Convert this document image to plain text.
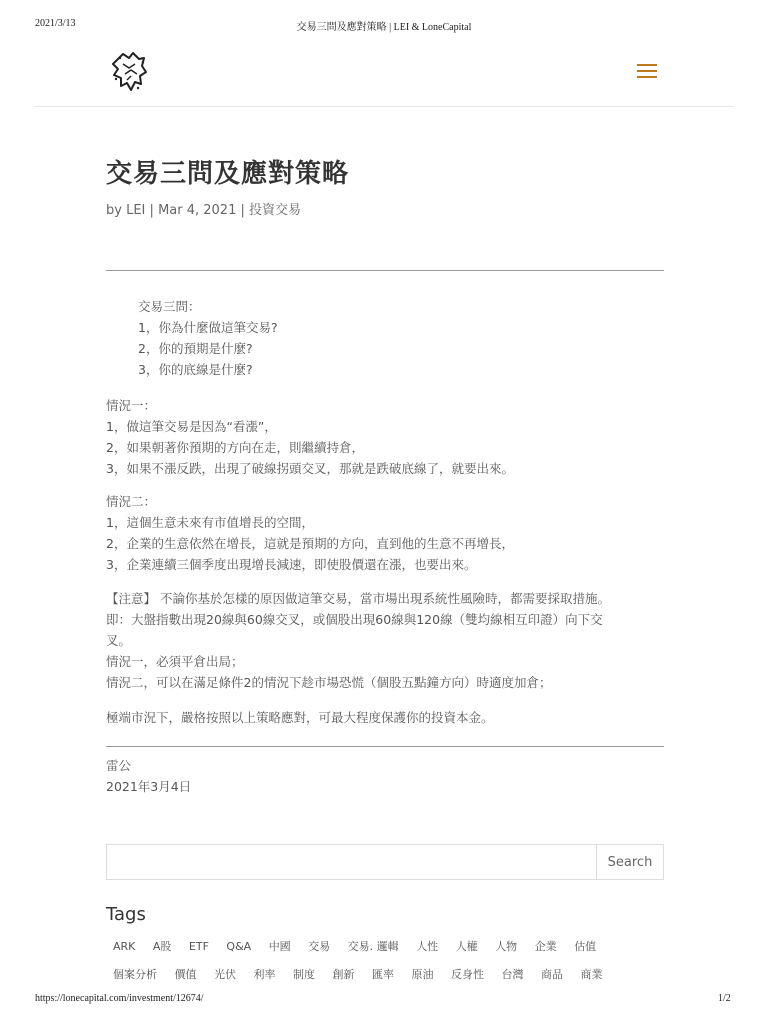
2021/3/13	交易三問及應對策略 | LEI & LoneCapital
交易三問及應對策略
by LEI | Mar 4, 2021 | 投資交易
交易三問：
1，你為什麼做這筆交易?
2，你的預期是什麼?
3，你的底線是什麼?
情況一：
1，做這筆交易是因為“看漲”，
2，如果朝著你預期的方向在走，則繼續持倉，
3，如果不漲反跌，出現了破線拐頭交叉，那就是跌破底線了，就要出來。
情況二：
1，這個生意未來有市值增長的空間，
2，企業的生意依然在增長，這就是預期的方向，直到他的生意不再增長，
3，企業連續三個季度出現增長減速，即使股價還在漲，也要出來。
【注意】 不論你基於怎樣的原因做這筆交易，當市場出現系統性風險時，都需要採取措施。
即：大盤指數出現20線與60線交叉，或個股出現60線與120線（雙均線相互印證）向下交
叉。
情況一，必須平倉出局；
情況二，可以在滿足條件2的情況下趁市場恐慌（個股五點鐘方向）時適度加倉；
極端市況下，嚴格按照以上策略應對，可最大程度保護你的投資本金。
雷公
2021年3月4日
Search
Tags
ARK A股 ETF Q&A 中國 交易 交易. 邏輯 人性 人權 人物 企業 估值
個案分析 價值 光伏 利率 制度 創新 匯率 原油 反身性 台灣 商品 商業
https://lonecapital.com/investment/12674/	1/2
